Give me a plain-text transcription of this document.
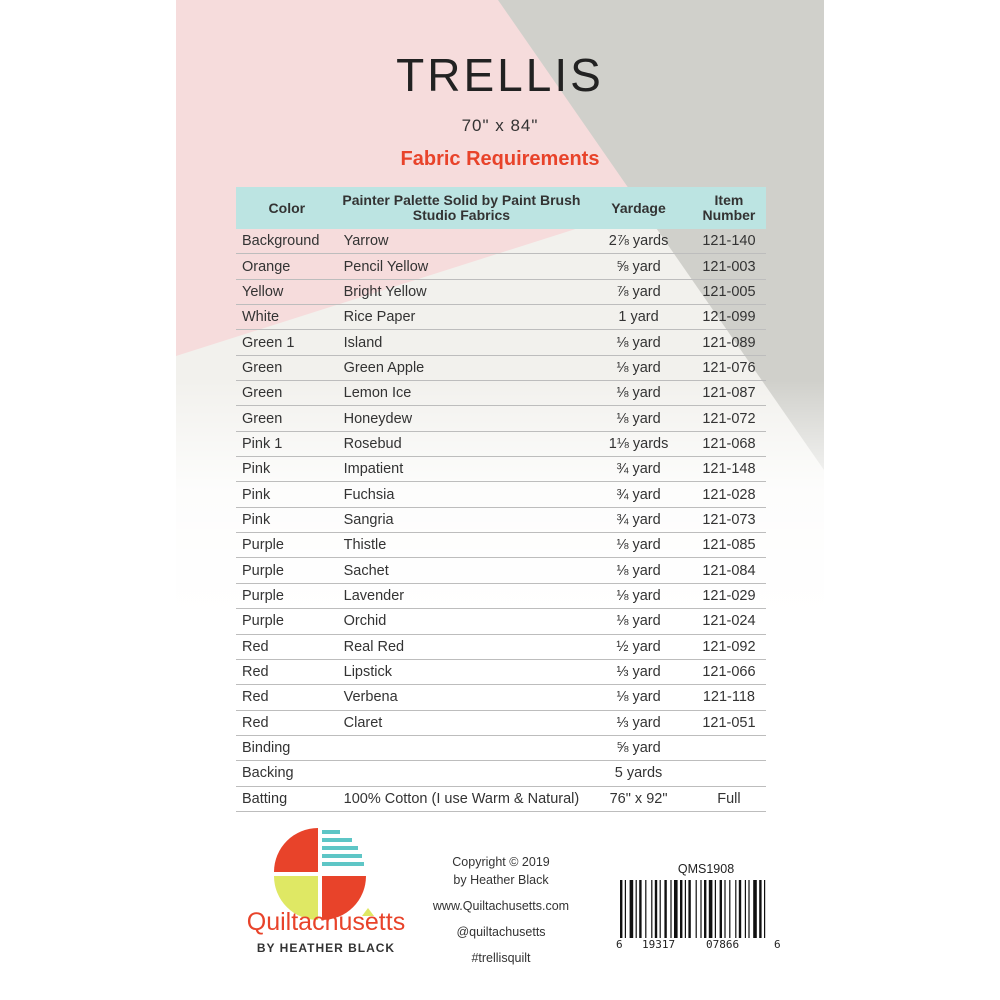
TRELLIS
70" x 84"
Fabric Requirements
Color	Painter Palette Solid by Paint Brush Studio Fabrics	Yardage	Item Number
Background	Yarrow	2⅞ yards	121-140
Orange	Pencil Yellow	⅝ yard	121-003
Yellow	Bright Yellow	⅞ yard	121-005
White	Rice Paper	1 yard	121-099
Green 1	Island	⅛ yard	121-089
Green	Green Apple	⅛ yard	121-076
Green	Lemon Ice	⅛ yard	121-087
Green	Honeydew	⅛ yard	121-072
Pink 1	Rosebud	1⅛ yards	121-068
Pink	Impatient	¾ yard	121-148
Pink	Fuchsia	¾ yard	121-028
Pink	Sangria	¾ yard	121-073
Purple	Thistle	⅛ yard	121-085
Purple	Sachet	⅛ yard	121-084
Purple	Lavender	⅛ yard	121-029
Purple	Orchid	⅛ yard	121-024
Red	Real Red	½ yard	121-092
Red	Lipstick	⅓ yard	121-066
Red	Verbena	⅛ yard	121-118
Red	Claret	⅓ yard	121-051
Binding		⅝ yard	
Backing		5 yards	
Batting	100% Cotton (I use Warm & Natural)	76" x 92"	Full
Quiltachusetts
BY HEATHER BLACK
Copyright © 2019
by Heather Black
www.Quiltachusetts.com
@quiltachusetts
#trellisquilt
QMS1908
6 19317	07866	6
